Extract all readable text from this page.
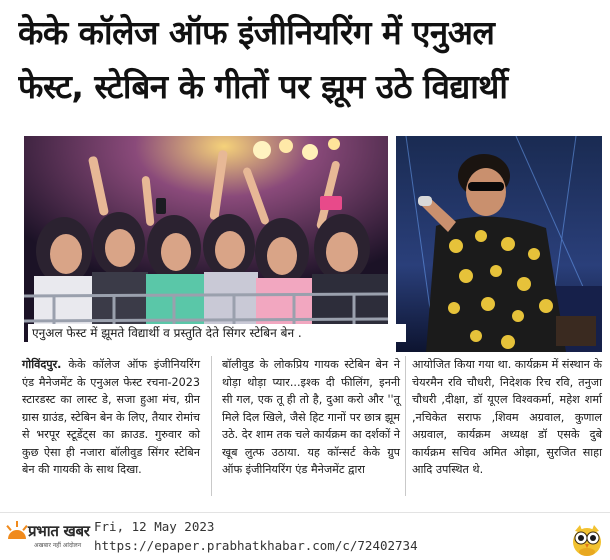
केके कॉलेज ऑफ इंजीनियरिंग में एनुअल
फेस्ट, स्टेबिन के गीतों पर झूम उठे विद्यार्थी
एनुअल फेस्ट में झूमते विद्यार्थी व प्रस्तुति देते सिंगर स्टेबिन बेन .

गोविंदपुर. केके कॉलेज ऑफ इंजीनियरिंग एंड मैनेजमेंट के एनुअल फेस्ट रचना-2023 स्टारडस्ट का लास्ट डे, सजा हुआ मंच, ग्रीन ग्रास ग्राउंड, स्टेबिन बेन के लिए, तैयार रोमांच से भरपूर स्टूडेंट्स का क्राउड. गुरुवार को कुछ ऐसा ही नजारा बॉलीवुड सिंगर स्टेबिन बेन की गायकी के साथ दिखा.

बॉलीवुड के लोकप्रिय गायक स्टेबिन बेन ने थोड़ा थोड़ा प्यार...इश्क दी फीलिंग, इननी सी गल, एक तू ही तो है, दुआ करो और ''तू मिले दिल खिले, जैसे हिट गानों पर छात्र झूम उठे. देर शाम तक चले कार्यक्रम का दर्शकों ने खूब लुत्फ उठाया. यह कॉन्सर्ट केके ग्रुप ऑफ इंजीनियरिंग एंड मैनेजमेंट द्वारा

आयोजित किया गया था. कार्यक्रम में संस्थान के चेयरमैन रवि चौधरी, निदेशक रिच रवि, तनुजा चौधरी ,दीक्षा, डॉ यूएल विश्वकर्मा, महेश शर्मा ,नचिकेत सराफ ,शिवम अग्रवाल, कुणाल अग्रवाल, कार्यक्रम अध्यक्ष डॉ एसके दुबे कार्यक्रम सचिव अमित ओझा, सुरजित साहा आदि उपस्थित थे.

प्रभात खबर
अखबार नहीं आंदोलन
Fri, 12 May 2023
https://epaper.prabhatkhabar.com/c/72402734
